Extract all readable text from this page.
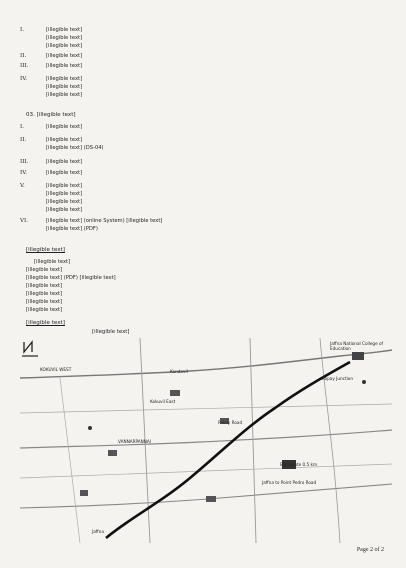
I.	[illegible text]
[illegible text]
[illegible text]
II.	[illegible text]
III.	[illegible text]
IV.	[illegible text]
[illegible text]
[illegible text]
03. [illegible text]
I.	[illegible text]
II.	[illegible text]
[illegible text] (DS-04)
III.	[illegible text]
IV.	[illegible text]
V.	[illegible text]
[illegible text]
[illegible text]
[illegible text]
VI.	[illegible text] (online System) [illegible text]
[illegible text] (PDF)
[illegible text]
[illegible text]
[illegible text]
[illegible text] (PDF) [illegible text]
[illegible text]
[illegible text]
[illegible text]
[illegible text]
[illegible text]
[illegible text]
KOKUVIL WEST
VANNARPANNAI
Jaffna National College of Education
Kopay Junction
Kondavil
Kokuvil East
Jaffna to Point Pedro Road
Palaly Road
Bus Route 0.5 km
Jaffna
Page 2 of 2
